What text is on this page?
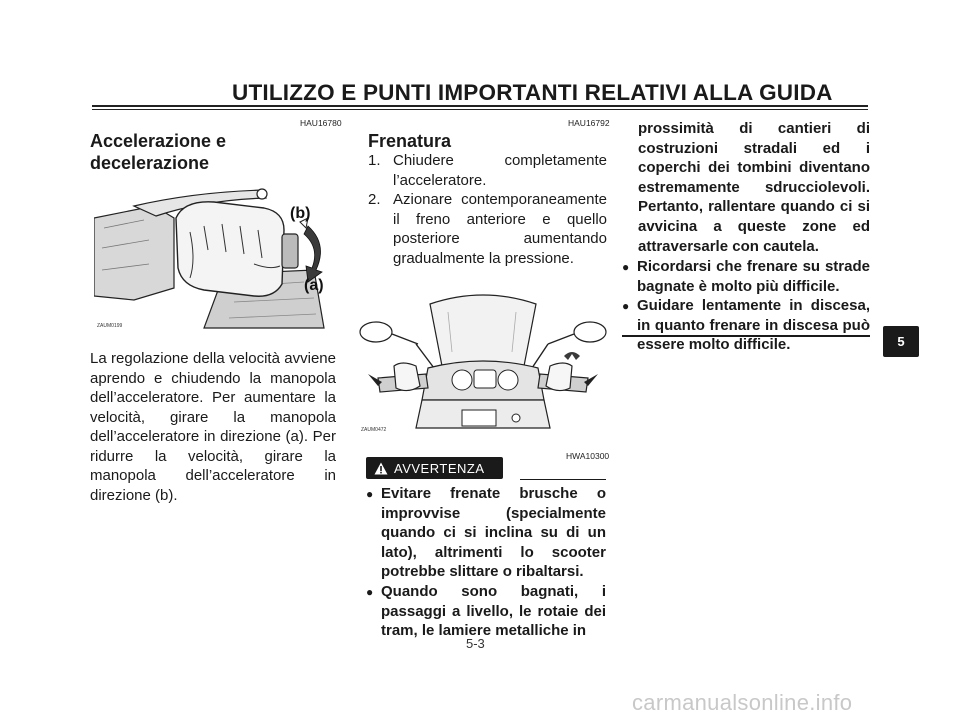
UTILIZZO E PUNTI IMPORTANTI RELATIVI ALLA GUIDA
HAU16780
Accelerazione e
decelerazione
(b)
(a)
ZAUM0199
La regolazione della velocità avviene aprendo e chiudendo la manopola dell’acceleratore. Per aumentare la velocità, girare la manopola dell’acceleratore in direzione (a). Per ridurre la velocità, girare la manopola dell’acceleratore in direzione (b).
HAU16792
Frenatura
1. Chiudere completamente l’acceleratore.
2. Azionare contemporaneamente il freno anteriore e quello posteriore aumentando gradualmente la pressione.
ZAUM0472
HWA10300
AVVERTENZA
● Evitare frenate brusche o improvvise (specialmente quando ci si inclina su di un lato), altrimenti lo scooter potrebbe slittare o ribaltarsi.
● Quando sono bagnati, i passaggi a livello, le rotaie dei tram, le lamiere metalliche in
prossimità di cantieri di costruzioni stradali ed i coperchi dei tombini diventano estremamente sdrucciolevoli. Pertanto, rallentare quando ci si avvicina a queste zone ed attraversarle con cautela.
● Ricordarsi che frenare su strade bagnate è molto più difficile.
● Guidare lentamente in discesa, in quanto frenare in discesa può essere molto difficile.	5
5-3
carmanualsonline.info
